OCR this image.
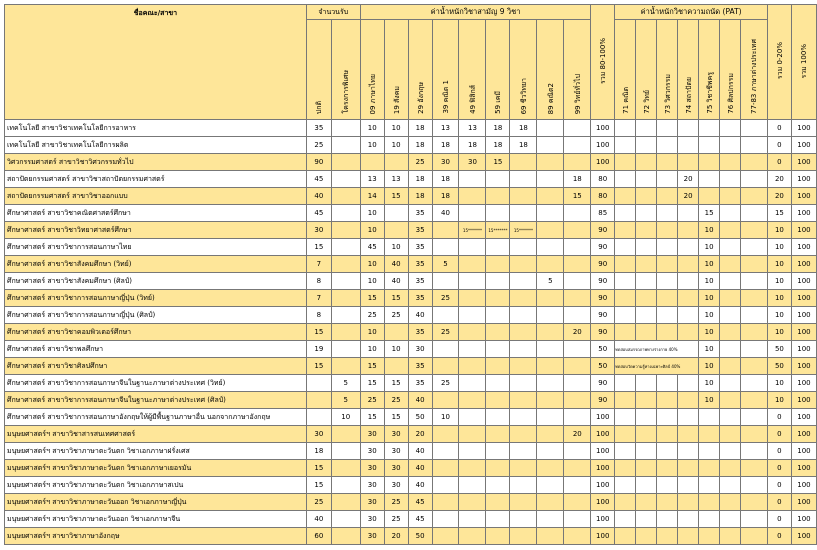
ชื่อคณะ/สาขา	จำนวนรับ		ค่าน้ำหนักวิชาสามัญ 9 วิชา									รวม 80-100%	ค่าน้ำหนักวิชาความถนัด (PAT)							รวม 0-20%	รวม 100%
	ปกติ	โครงการพิเศษ	09 ภาษาไทย	19 สังคม	29 อังกฤษ	39 คณิต 1	49 ฟิสิกส์	59 เคมี	69 ชีววิทยา	89 คณิต2	99 วิทย์ทั่วไป		71 คณิต	72 วิทย์	73 วิศวกรรม	74 สถาปัตย	75 วิชาชีพครู	76 ศิลปกรรม	77-83 ภาษาต่างประเทศ		
เทคโนโลยี สาขาวิชาเทคโนโลยีการอาหาร	35		10	10	18	13	13	18	18			100								0	100
เทคโนโลยี สาขาวิชาเทคโนโลยีการผลิต	25		10	10	18	18	18	18	18			100								0	100
วิศวกรรมศาสตร์ สาขาวิชาวิศวกรรมทั่วไป	90				25	30	30	15				100								0	100
สถาปัตยกรรมศาสตร์ สาขาวิชาสถาปัตยกรรมศาสตร์	45		13	13	18	18					18	80				20				20	100
สถาปัตยกรรมศาสตร์ สาขาวิชาออกแบบ	40		14	15	18	18					15	80				20				20	100
ศึกษาศาสตร์ สาขาวิชาคณิตศาสตร์ศึกษา	45		10		35	40						85					15			15	100
ศึกษาศาสตร์ สาขาวิชาวิทยาศาสตร์ศึกษา	30		10		35		15*******	15*******	15*******			90					10			10	100
ศึกษาศาสตร์ สาขาวิชาการสอนภาษาไทย	15		45	10	35							90					10			10	100
ศึกษาศาสตร์ สาขาวิชาสังคมศึกษา (วิทย์)	7		10	40	35	5						90					10			10	100
ศึกษาศาสตร์ สาขาวิชาสังคมศึกษา (ศิลป์)	8		10	40	35					5		90					10			10	100
ศึกษาศาสตร์ สาขาวิชาการสอนภาษาญี่ปุ่น (วิทย์)	7		15	15	35	25						90					10			10	100
ศึกษาศาสตร์ สาขาวิชาการสอนภาษาญี่ปุ่น (ศิลป์)	8		25	25	40							90					10			10	100
ศึกษาศาสตร์ สาขาวิชาคอมพิวเตอร์ศึกษา	15		10		35	25					20	90					10			10	100
ศึกษาศาสตร์ สาขาวิชาพลศึกษา	19		10	10	30							50	ทดสอบสมรรถภาพทางร่างกาย 40%				10			50	100
ศึกษาศาสตร์ สาขาวิชาศิลปศึกษา	15		15		35							50	ทดสอบวัดความรู้ทางเฉพาะศิลป์ 40%				10			50	100
ศึกษาศาสตร์ สาขาวิชาการสอนภาษาจีนในฐานะภาษาต่างประเทศ (วิทย์)		5	15	15	35	25						90					10			10	100
ศึกษาศาสตร์ สาขาวิชาการสอนภาษาจีนในฐานะภาษาต่างประเทศ (ศิลป์)		5	25	25	40							90					10			10	100
ศึกษาศาสตร์ สาขาวิชาการสอนภาษาอังกฤษให้ผู้มีพื้นฐานภาษาอื่น นอกจากภาษาอังกฤษ		10	15	15	50	10						100								0	100
มนุษยศาสตร์ฯ สาขาวิชาสารสนเทศศาสตร์	30		30	30	20						20	100								0	100
มนุษยศาสตร์ฯ สาขาวิชาภาษาตะวันตก วิชาเอกภาษาฝรั่งเศส	18		30	30	40							100								0	100
มนุษยศาสตร์ฯ สาขาวิชาภาษาตะวันตก วิชาเอกภาษาเยอรมัน	15		30	30	40							100								0	100
มนุษยศาสตร์ฯ สาขาวิชาภาษาตะวันตก วิชาเอกภาษาสเปน	15		30	30	40							100								0	100
มนุษยศาสตร์ฯ สาขาวิชาภาษาตะวันออก วิชาเอกภาษาญี่ปุ่น	25		30	25	45							100								0	100
มนุษยศาสตร์ฯ สาขาวิชาภาษาตะวันออก วิชาเอกภาษาจีน	40		30	25	45							100								0	100
มนุษยศาสตร์ฯ สาขาวิชาภาษาอังกฤษ	60		30	20	50							100								0	100
